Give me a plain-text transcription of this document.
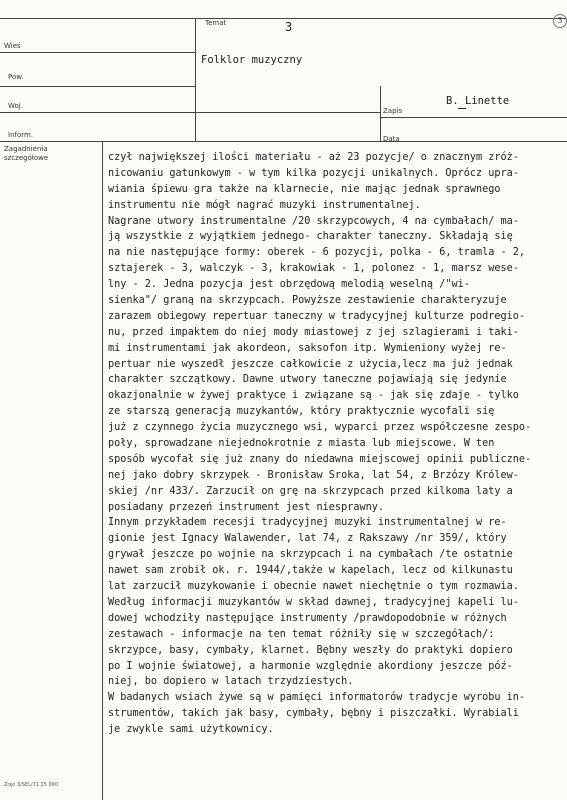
Wieś
Pow.
Woj.
Inform.
Temat
Zapis
Data
Zagadnienia
szczegółowe
3
Folklor muzyczny
B. Linette
3
czył największej ilości materiału - aż 23 pozycje/ o znacznym zróż-
nicowaniu gatunkowym - w tym kilka pozycji unikalnych. Oprócz upra-
wiania śpiewu gra także na klarnecie, nie mając jednak sprawnego
instrumentu nie mógł nagrać muzyki instrumentalnej.
Nagrane utwory instrumentalne /20 skrzypcowych, 4 na cymbałach/ ma-
ją wszystkie z wyjątkiem jednego- charakter taneczny. Składają się
na nie następujące formy: oberek - 6 pozycji, polka - 6, tramla - 2,
sztajerek - 3, walczyk - 3, krakowiak - 1, polonez - 1, marsz wese-
lny - 2. Jedna pozycja jest obrzędową melodią weselną /"wi-
sienka"/ graną na skrzypcach. Powyższe zestawienie charakteryzuje
zarazem obiegowy repertuar taneczny w tradycyjnej kulturze podregio-
nu, przed impaktem do niej mody miastowej z jej szlagierami i taki-
mi instrumentami jak akordeon, saksofon itp. Wymieniony wyżej re-
pertuar nie wyszedł jeszcze całkowicie z użycia,lecz ma już jednak
charakter szczątkowy. Dawne utwory taneczne pojawiają się jedynie
okazjonalnie w żywej praktyce i związane są - jak się zdaje - tylko
ze starszą generacją muzykantów, który praktycznie wycofali się
już z czynnego życia muzycznego wsi, wyparci przez współczesne zespo-
poły, sprowadzane niejednokrotnie z miasta lub miejscowe. W ten
sposób wycofał się już znany do niedawna miejscowej opinii publiczne-
nej jako dobry skrzypek - Bronisław Sroka, lat 54, z Brzózy Królew-
skiej /nr 433/. Zarzucił on grę na skrzypcach przed kilkoma laty a
posiadany przezeń instrument jest niesprawny.
Innym przykładem recesji tradycyjnej muzyki instrumentalnej w re-
gionie jest Ignacy Walawender, lat 74, z Rakszawy /nr 359/, który
grywał jeszcze po wojnie na skrzypcach i na cymbałach /te ostatnie
nawet sam zrobił ok. r. 1944/,także w kapelach, lecz od kilkunastu
lat zarzucił muzykowanie i obecnie nawet niechętnie o tym rozmawia.
Według informacji muzykantów w skład dawnej, tradycyjnej kapeli lu-
dowej wchodziły następujące instrumenty /prawdopodobnie w różnych
zestawach - informacje na ten temat różniły się w szczegółach/:
skrzypce, basy, cymbały, klarnet. Bębny weszły do praktyki dopiero
po I wojnie światowej, a harmonie względnie akordiony jeszcze póź-
niej, bo dopiero w latach trzydziestych.
W badanych wsiach żywe są w pamięci informatorów tradycje wyrobu in-
strumentów, takich jak basy, cymbały, bębny i piszczałki. Wyrabiali
je zwykle sami użytkownicy.
Zręc 3/SEL/71 15 000
